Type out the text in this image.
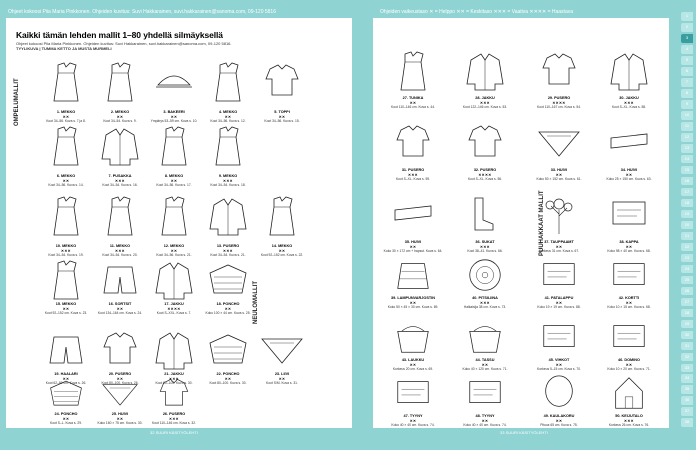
Ohjeet kokoosi Piia Maria Pinkkonen. Ohjeiden kuvitus: Suvi Hakkarainen, suvi.hakkarainen@sanoma.com, 09-120 5816	Ohjeiden vaikeustaso ✕ = Helppo ✕✕ = Keskitaso ✕✕✕ = Vaativa ✕✕✕✕ = Haastava
Kaikki tämän lehden mallit 1–80 yhdellä silmäyksellä
Ohjeet kokoosi Piia Maria Pinkkonen. Ohjeiden kuvitus: Suvi Hakkarainen, suvi.hakkarainen@sanoma.com, 09-120 5816.
TYYLIKUVA | TUMMA KETTO JA MUSTA MURMELI
OMPELUMALLIT
NEULOMALLIT
1. MEKKO
✕✕
Koot 34–56. Kuva s. 7 ja 8.
2. MEKKO
✕✕
Koot 34–54. Kuva s. 9.
3. BAKEERI
✕✕
Ympärys 53–59 cm. Kuva s. 10.
4. MEKKO
✕✕
Koot 34–56. Kuva s. 12.
5. TOPPI
✕✕
Koot 34–56. Kuva s. 15.
6. MEKKO
✕✕
Koot 34–56. Kuva s. 14.
7. PUSAKKA
✕✕✕
Koot 34–54. Kuva s. 16.
8. MEKKO
✕✕
Koot 34–56. Kuva s. 17.
9. MEKKO
✕✕✕
Koot 34–54. Kuva s. 18.
10. MEKKO
✕✕✕
Koot 34–54. Kuva s. 19.
11. MEKKO
✕✕✕
Koot 34–54. Kuva s. 20.
12. MEKKO
✕✕
Koot 34–56. Kuva s. 21.
13. PUSERO
✕✕✕
Koot 34–54. Kuva s. 21.
14. MEKKO
✕✕
Koot 92–152 cm. Kuva s. 22.
15. MEKKO
✕✕
Koot 92–152 cm. Kuva s. 23.
16. SORTSIT
✕✕
Koot 134–164 cm. Kuva s. 24.
17. JAKKU
✕✕✕✕
Koot S–XXL. Kuva s. 7.
18. PONCHO
✕✕
Koko 100 × 44 cm. Kuva s. 25.
19. HAALARI
✕✕
Koot 62–80 cm. Kuva s. 26.
20. PUSERO
✕✕
Koot 80–100. Kuva s. 26.
21. JAKKU
✕✕✕
Koot 80–100. Kuva s. 30.
22. PONCHO
✕✕
Koot 80–100. Kuva s. 30.
23. LIIVI
✕✕
Koot S/M. Kuva s. 31.
24. PONCHO
✕✕
Koot S–L. Kuva s. 29.
25. HUIVI
✕✕
Koko 160 × 75 cm. Kuva s. 30.
26. PUSERO
✕✕✕
Koot 110–146 cm. Kuva s. 32.
PUUHAKKAAT MALLIT
27. TUNIKA
✕✕
Koot 110–146 cm. Kuva s. 44.
28. JAKKU
✕✕✕
Koot 122–146 cm. Kuva s. 53.
29. PUSERO
✕✕✕✕
Koot 110–167 cm. Kuva s. 54.
30. JAKKU
✕✕✕
Koot S–XL. Kuva s. 58.
31. PUSERO
✕✕✕
Koot S–XL. Kuva s. 59.
32. PUSERO
✕✕✕✕
Koot S–XL. Kuva s. 56.
33. HUIVI
✕✕
Koko 50 × 152 cm. Kuva s. 61.
34. HUIVI
✕✕
Koko 25 × 150 cm. Kuva s. 63.
35. HUIVI
✕✕
Koko 30 × 172 cm + hapsut. Kuva s. 64.
36. SUKAT
✕✕✕
Koot 38–41. Kuva s. 66.
37. TAUPPAAMT
✕✕
Korkeus 31 cm. Kuva s. 67.
38. KAPPA
✕✕
Koko 98 × 40 cm. Kuva s. 68.
39. LAMPUNVARJOSTIN
✕✕
Koko 50 × 45 × 30 cm. Kuva s. 69.
40. PITSILIINA
✕✕✕
Halkaisija 38 cm. Kuva s. 73.
41. PATALAPPU
✕✕
Koko 19 × 19 cm. Kuva s. 88.
42. KORTTI
✕✕
Koko 10 × 15 cm. Kuva s. 68.
43. LAUKKU
✕✕
Korkeus 20 cm. Kuva s. 69.
44. TASSU
✕✕
Koko 40 × 120 cm. Kuva s. 71.
45. VIHKOT
✕✕
Korkeus 5–15 cm. Kuva s. 70.
46. DOMINO
✕✕
Koko 10 × 20 cm. Kuva s. 71.
47. TYYNY
✕✕
Koko 40 × 40 cm. Kuva s. 74.
48. TYYNY
✕✕
Koko 40 × 40 cm. Kuva s. 74.
49. KAULAKORU
✕✕
Pituus 65 cm. Kuva s. 75.
50. KEIJUTALO
✕✕✕
Korkeus 26 cm. Kuva s. 76.
32 SUURI KÄSITYÖLEHTI	33 SUURI KÄSITYÖLEHTI
1
2
3
4
5
6
7
8
9
10
11
12
13
14
15
16
17
18
19
20
21
22
23
24
25
26
27
28
29
30
31
32
33
34
35
36
37
38
